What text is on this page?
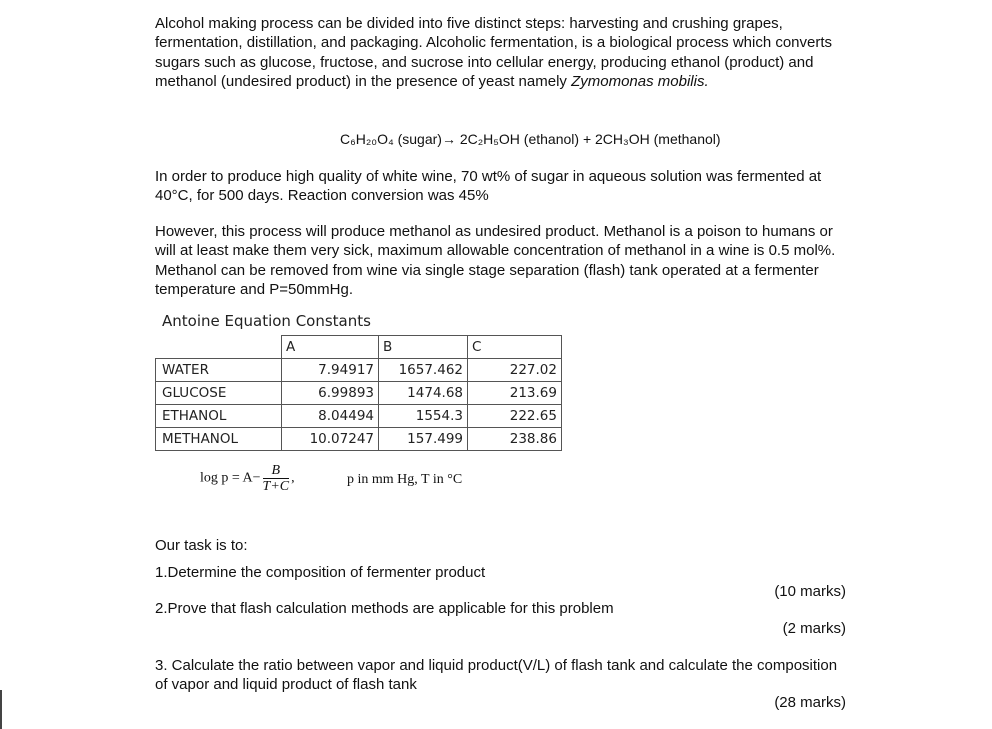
Alcohol making process can be divided into five distinct steps: harvesting and crushing grapes, fermentation, distillation, and packaging. Alcoholic fermentation, is a biological process which converts sugars such as glucose, fructose, and sucrose into cellular energy, producing ethanol (product) and methanol (undesired product) in the presence of yeast namely Zymomonas mobilis.

C₆H₂₀O₄ (sugar)→ 2C₂H₅OH (ethanol) + 2CH₃OH (methanol)

In order to produce high quality of white wine, 70 wt% of sugar in aqueous solution was fermented at 40°C, for 500 days. Reaction conversion was 45%

However, this process will produce methanol as undesired product. Methanol is a poison to humans or will at least make them very sick, maximum allowable concentration of methanol in a wine is 0.5 mol%. Methanol can be removed from wine via single stage separation (flash) tank operated at a fermenter temperature and P=50mmHg.

Antoine Equation Constants
	A	B	C
WATER	7.94917	1657.462	227.02
GLUCOSE	6.99893	1474.68	213.69
ETHANOL	8.04494	1554.3	222.65
METHANOL	10.07247	157.499	238.86
$\log p = A- \frac{B}{T+C}$ ,	p in mm Hg, T in °C
Our task is to:
1.Determine the composition of fermenter product
(10 marks)
2.Prove that flash calculation methods are applicable for this problem
(2 marks)

3. Calculate the ratio between vapor and liquid product(V/L) of flash tank and calculate the composition of vapor and liquid product of flash tank

(28 marks)
